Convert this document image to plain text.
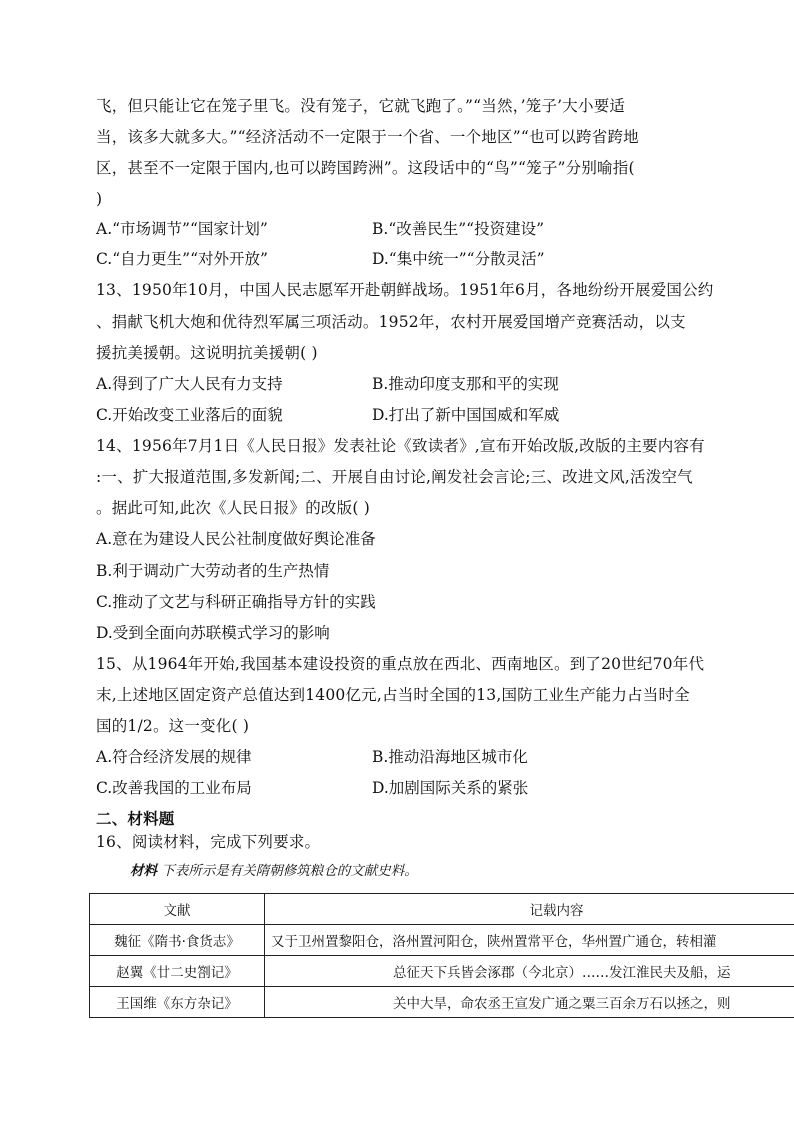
飞，但只能让它在笼子里飞。没有笼子，它就飞跑了。”“当然，’笼子’大小要适
当，该多大就多大。”“经济活动不一定限于一个省、一个地区”“也可以跨省跨地
区，甚至不一定限于国内,也可以跨国跨洲”。这段话中的“鸟”“笼子”分别喻指(
)
A.“市场调节”“国家计划”	B.“改善民生”“投资建设”
C.“自力更生”“对外开放”	D.“集中统一”“分散灵活”
13、1950年10月，中国人民志愿军开赴朝鲜战场。1951年6月，各地纷纷开展爱国公约
、捐献飞机大炮和优待烈军属三项活动。1952年，农村开展爱国增产竞赛活动，以支
援抗美援朝。这说明抗美援朝( )
A.得到了广大人民有力支持	B.推动印度支那和平的实现
C.开始改变工业落后的面貌	D.打出了新中国国威和军威
14、1956年7月1日《人民日报》发表社论《致读者》,宣布开始改版,改版的主要内容有
:一、扩大报道范围,多发新闻;二、开展自由讨论,阐发社会言论;三、改进文风,活泼空气
。据此可知,此次《人民日报》的改版( )
A.意在为建设人民公社制度做好舆论准备
B.利于调动广大劳动者的生产热情
C.推动了文艺与科研正确指导方针的实践
D.受到全面向苏联模式学习的影响
15、从1964年开始,我国基本建设投资的重点放在西北、西南地区。到了20世纪70年代
末,上述地区固定资产总值达到1400亿元,占当时全国的13,国防工业生产能力占当时全
国的1/2。这一变化( )
A.符合经济发展的规律	B.推动沿海地区城市化
C.改善我国的工业布局	D.加剧国际关系的紧张
二、材料题
16、阅读材料，完成下列要求。
材料 下表所示是有关隋朝修筑粮仓的文献史料。
文献	记载内容
魏征《隋书·食货志》	又于卫州置黎阳仓，洛州置河阳仓，陕州置常平仓，华州置广通仓，转相灌
赵翼《廿二史劄记》	总征天下兵皆会涿郡（今北京）……发江淮民夫及船，运
王国维《东方杂记》	关中大旱，命农丞王宣发广通之粟三百余万石以拯之，则
